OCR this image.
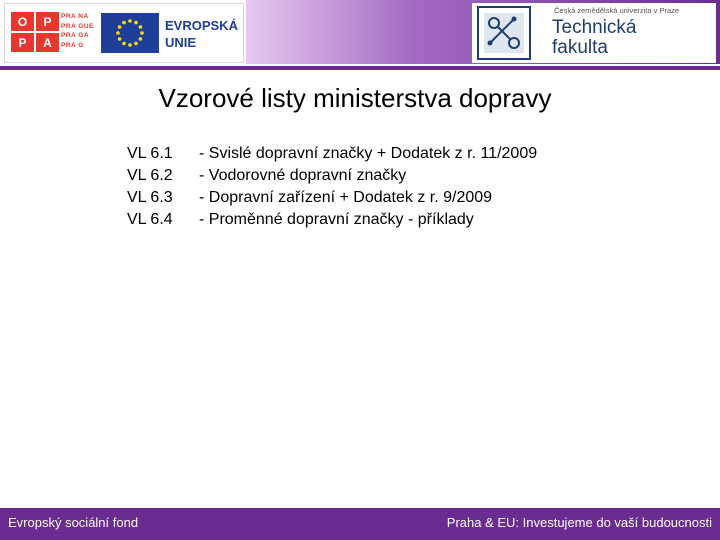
O	P
P	A
PRA NA
PRA GUE
PRA GA
PRA G
EVROPSKÁ
UNIE
Česká zemědělská univerzita v Praze
Technická
fakulta
Vzorové listy ministerstva dopravy
VL 6.1 - Svislé dopravní značky + Dodatek z r. 11/2009
VL 6.2 - Vodorovné dopravní značky
VL 6.3 - Dopravní zařízení + Dodatek z r. 9/2009
VL 6.4 - Proměnné dopravní značky - příklady
Evropský sociální fond	Praha & EU: Investujeme do vaší budoucnosti
